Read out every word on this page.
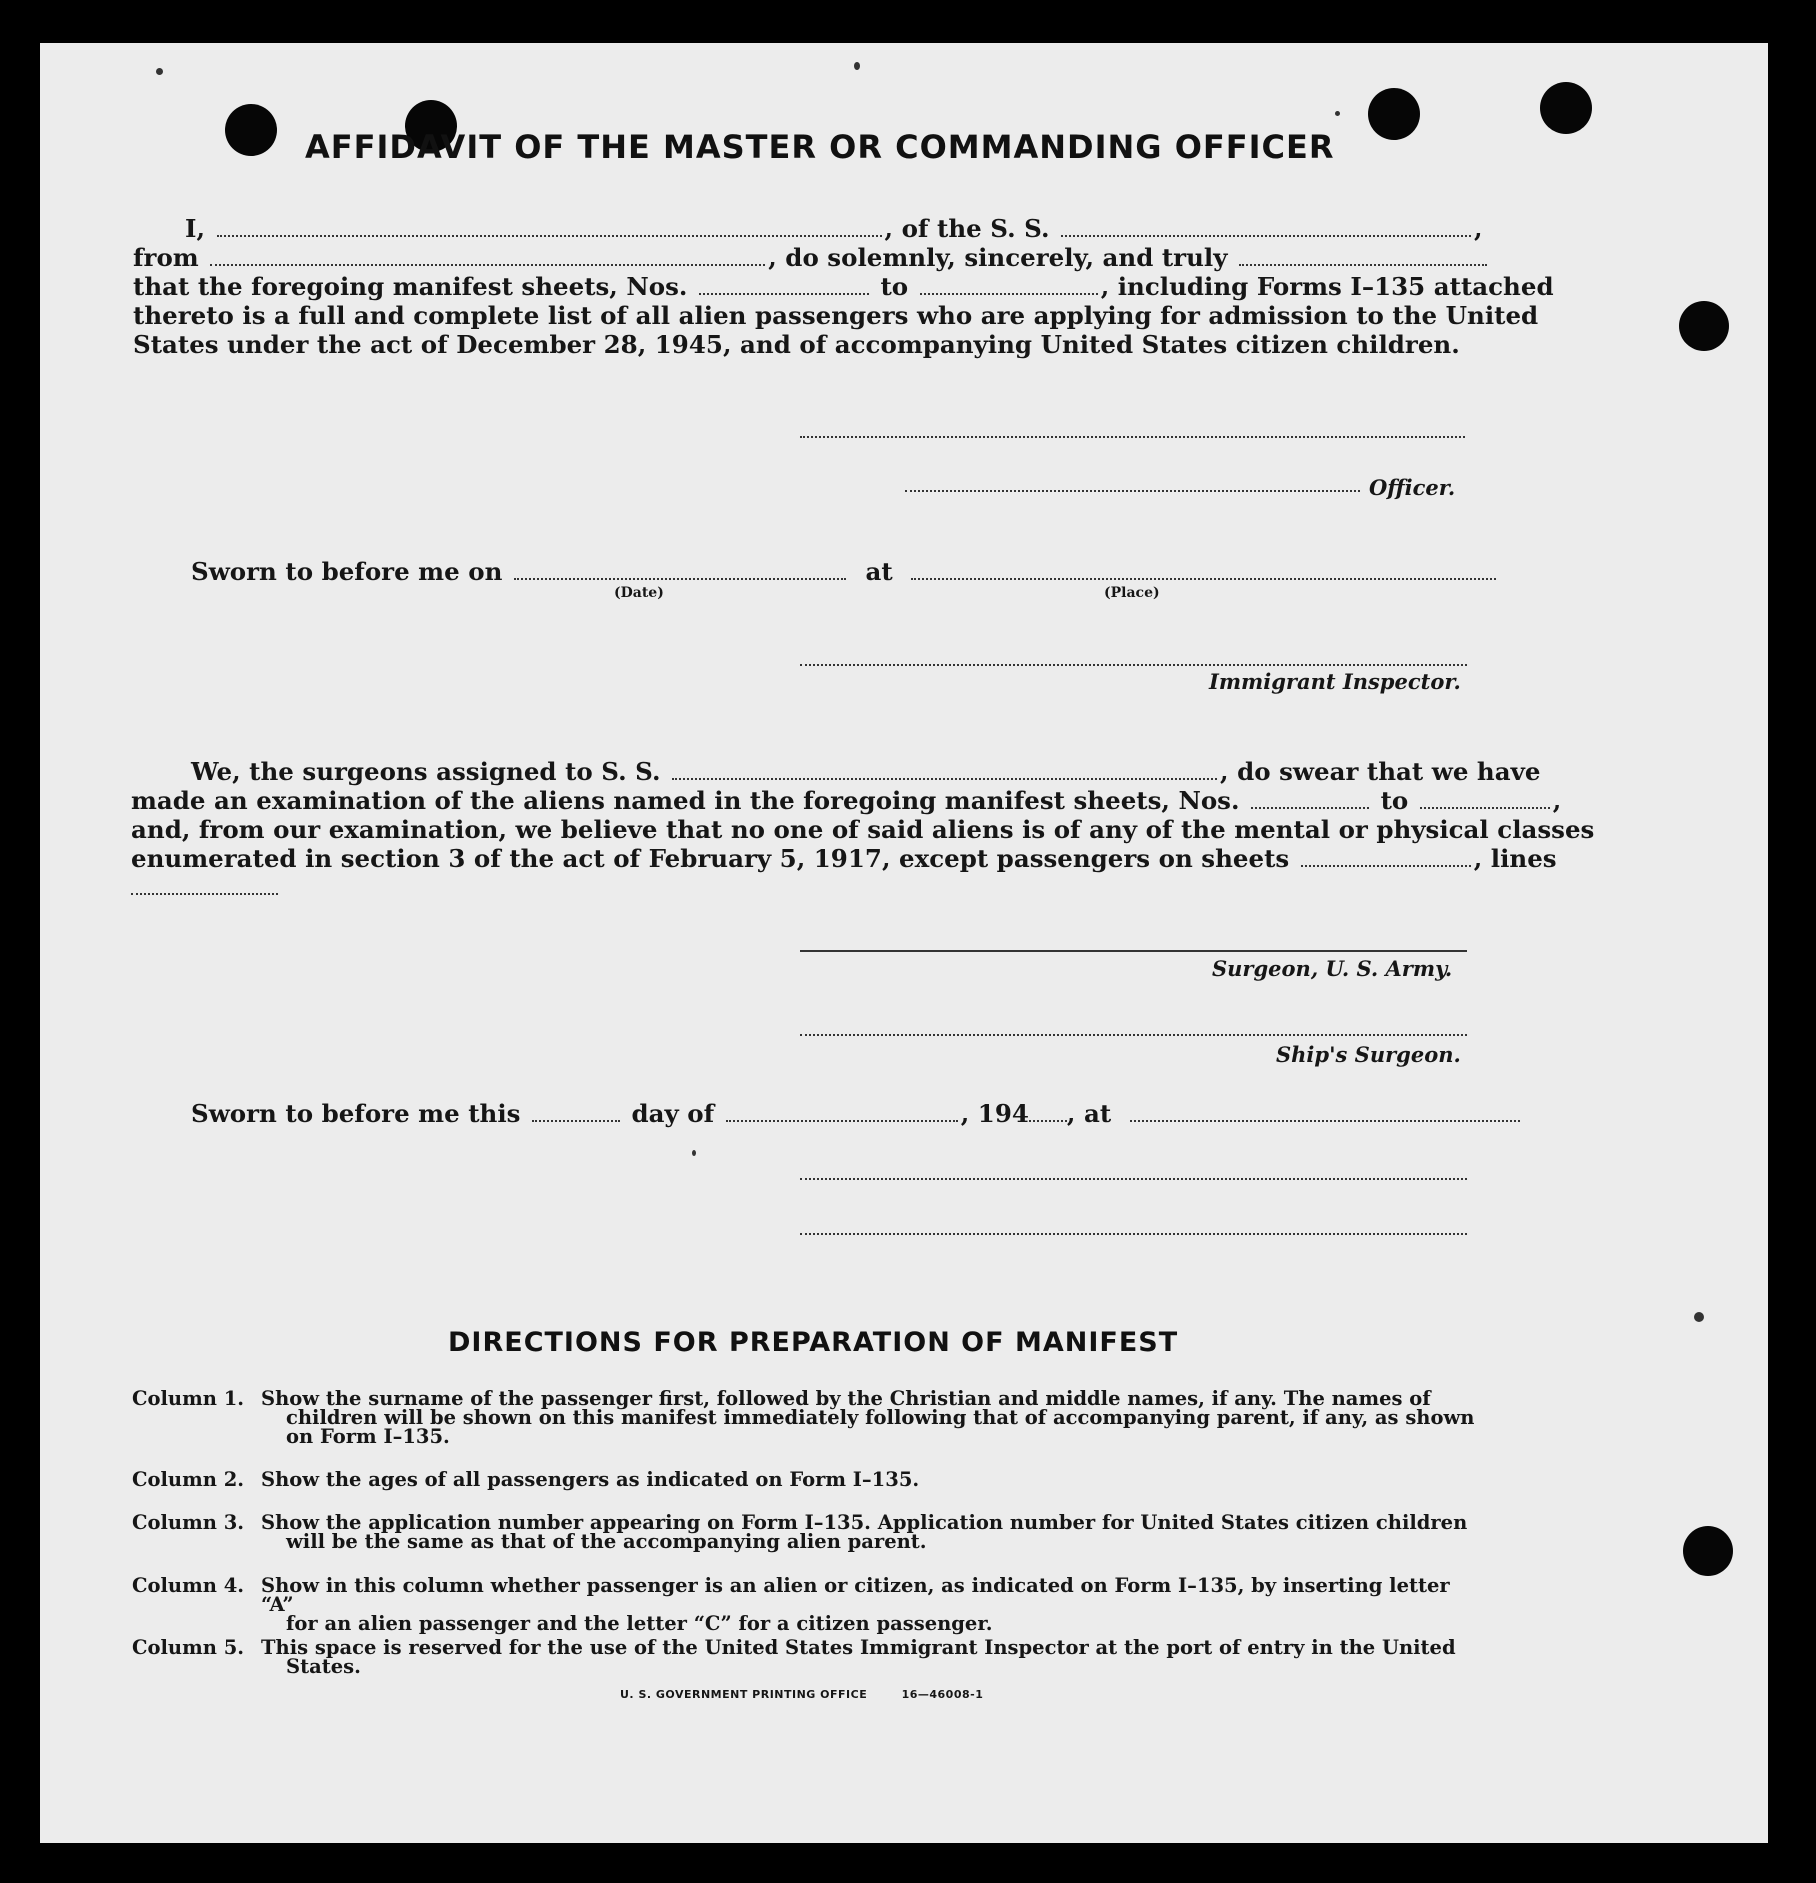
AFFIDAVIT OF THE MASTER OR COMMANDING OFFICER
I,	, of the S. S.	,
from	, do solemnly, sincerely, and truly
that the foregoing manifest sheets, Nos.	to	, including Forms I–135 attached
thereto is a full and complete list of all alien passengers who are applying for admission to the United
States under the act of December 28, 1945, and of accompanying United States citizen children.
Officer.
Sworn to before me on	at
(Date)	(Place)
Immigrant Inspector.
We, the surgeons assigned to S. S.	, do swear that we have
made an examination of the aliens named in the foregoing manifest sheets, Nos.	to	,
and, from our examination, we believe that no one of said aliens is of any of the mental or physical classes
enumerated in section 3 of the act of February 5, 1917, except passengers on sheets	, lines
Surgeon, U. S. Army.
Ship's Surgeon.
Sworn to before me this	day of	, 194 , at
DIRECTIONS FOR PREPARATION OF MANIFEST
Column 1. Show the surname of the passenger first, followed by the Christian and middle names, if any. The names of
children will be shown on this manifest immediately following that of accompanying parent, if any, as shown on Form I–135.
Column 2. Show the ages of all passengers as indicated on Form I–135.
Column 3. Show the application number appearing on Form I–135. Application number for United States citizen children
will be the same as that of the accompanying alien parent.
Column 4. Show in this column whether passenger is an alien or citizen, as indicated on Form I–135, by inserting letter “A”
for an alien passenger and the letter “C” for a citizen passenger.
Column 5. This space is reserved for the use of the United States Immigrant Inspector at the port of entry in the United
States.
U. S. GOVERNMENT PRINTING OFFICE	16—46008-1
